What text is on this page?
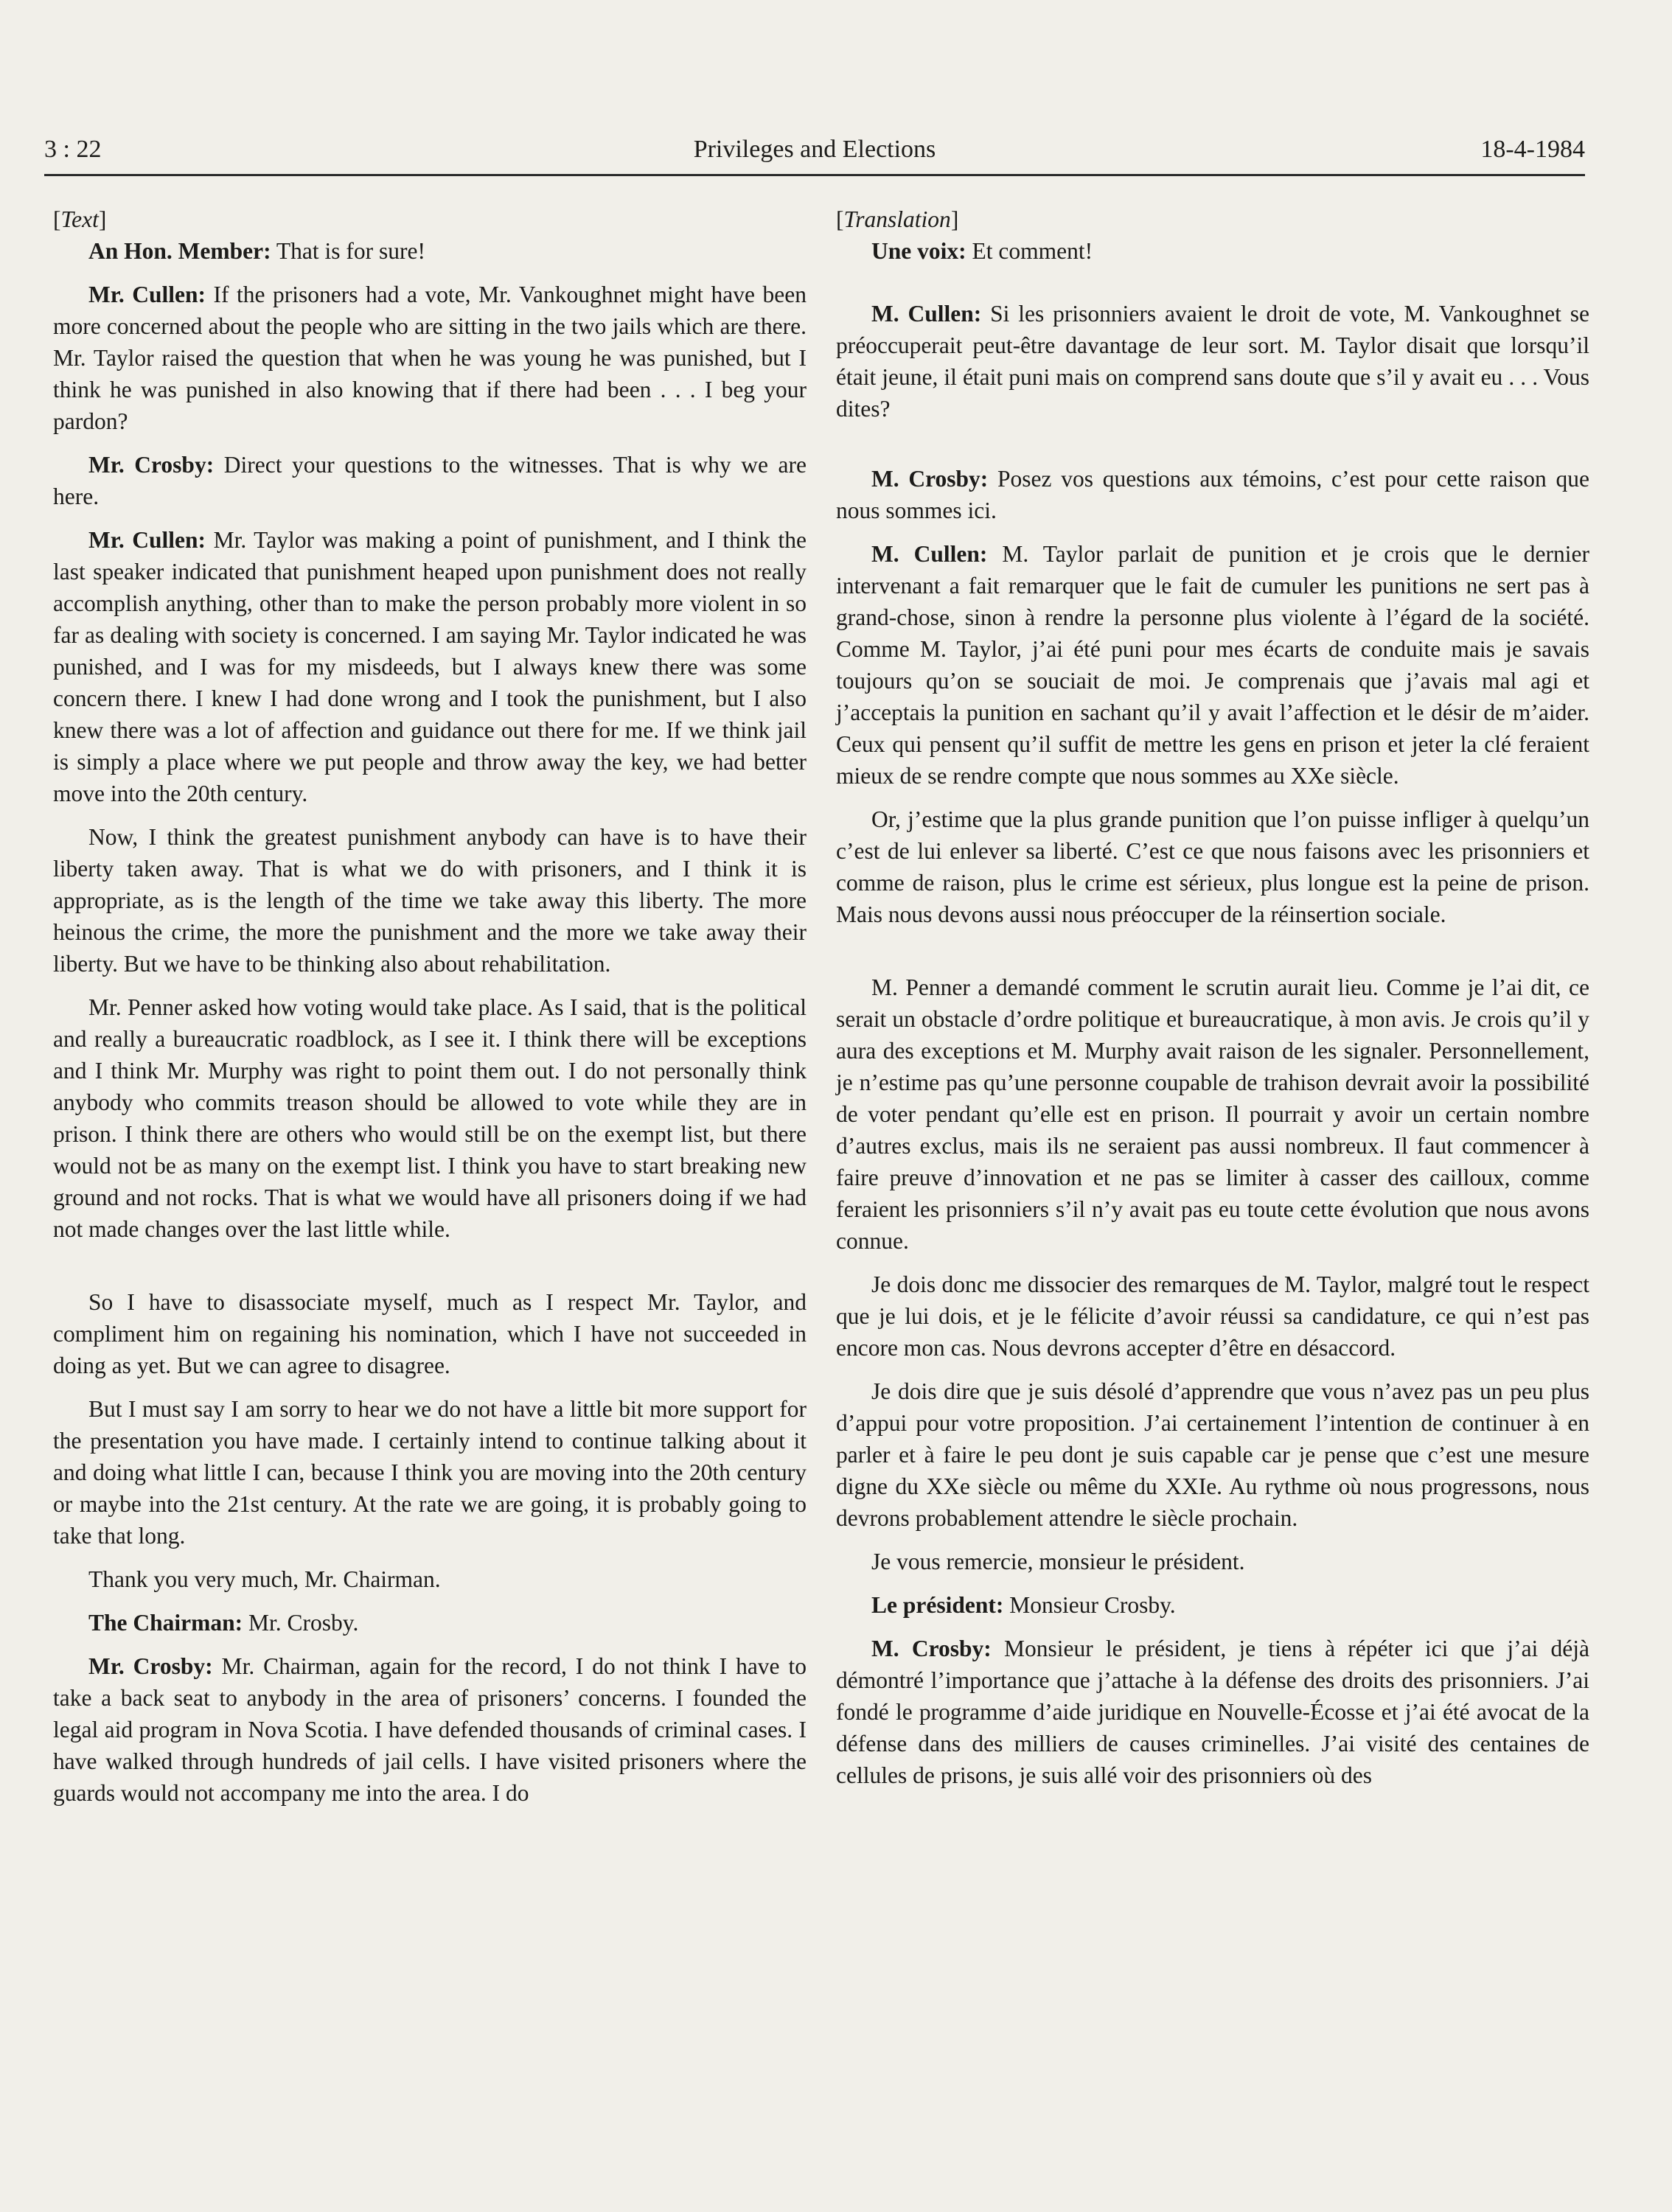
3 : 22	Privileges and Elections	18-4-1984

[Text]

An Hon. Member: That is for sure!

Mr. Cullen: If the prisoners had a vote, Mr. Vankoughnet might have been more concerned about the people who are sitting in the two jails which are there. Mr. Taylor raised the question that when he was young he was punished, but I think he was punished in also knowing that if there had been . . . I beg your pardon?

Mr. Crosby: Direct your questions to the witnesses. That is why we are here.

Mr. Cullen: Mr. Taylor was making a point of punishment, and I think the last speaker indicated that punishment heaped upon punishment does not really accomplish anything, other than to make the person probably more violent in so far as dealing with society is concerned. I am saying Mr. Taylor indicated he was punished, and I was for my misdeeds, but I always knew there was some concern there. I knew I had done wrong and I took the punishment, but I also knew there was a lot of affection and guidance out there for me. If we think jail is simply a place where we put people and throw away the key, we had better move into the 20th century.

Now, I think the greatest punishment anybody can have is to have their liberty taken away. That is what we do with prisoners, and I think it is appropriate, as is the length of the time we take away this liberty. The more heinous the crime, the more the punishment and the more we take away their liberty. But we have to be thinking also about rehabilitation.

Mr. Penner asked how voting would take place. As I said, that is the political and really a bureaucratic roadblock, as I see it. I think there will be exceptions and I think Mr. Murphy was right to point them out. I do not personally think anybody who commits treason should be allowed to vote while they are in prison. I think there are others who would still be on the exempt list, but there would not be as many on the exempt list. I think you have to start breaking new ground and not rocks. That is what we would have all prisoners doing if we had not made changes over the last little while.

So I have to disassociate myself, much as I respect Mr. Taylor, and compliment him on regaining his nomination, which I have not succeeded in doing as yet. But we can agree to disagree.

But I must say I am sorry to hear we do not have a little bit more support for the presentation you have made. I certainly intend to continue talking about it and doing what little I can, because I think you are moving into the 20th century or maybe into the 21st century. At the rate we are going, it is probably going to take that long.

Thank you very much, Mr. Chairman.

The Chairman: Mr. Crosby.

Mr. Crosby: Mr. Chairman, again for the record, I do not think I have to take a back seat to anybody in the area of prisoners’ concerns. I founded the legal aid program in Nova Scotia. I have defended thousands of criminal cases. I have walked through hundreds of jail cells. I have visited prisoners where the guards would not accompany me into the area. I do

[Translation]

Une voix: Et comment!

M. Cullen: Si les prisonniers avaient le droit de vote, M. Vankoughnet se préoccuperait peut-être davantage de leur sort. M. Taylor disait que lorsqu’il était jeune, il était puni mais on comprend sans doute que s’il y avait eu . . . Vous dites?

M. Crosby: Posez vos questions aux témoins, c’est pour cette raison que nous sommes ici.

M. Cullen: M. Taylor parlait de punition et je crois que le dernier intervenant a fait remarquer que le fait de cumuler les punitions ne sert pas à grand-chose, sinon à rendre la personne plus violente à l’égard de la société. Comme M. Taylor, j’ai été puni pour mes écarts de conduite mais je savais toujours qu’on se souciait de moi. Je comprenais que j’avais mal agi et j’acceptais la punition en sachant qu’il y avait l’affection et le désir de m’aider. Ceux qui pensent qu’il suffit de mettre les gens en prison et jeter la clé feraient mieux de se rendre compte que nous sommes au XXe siècle.

Or, j’estime que la plus grande punition que l’on puisse infliger à quelqu’un c’est de lui enlever sa liberté. C’est ce que nous faisons avec les prisonniers et comme de raison, plus le crime est sérieux, plus longue est la peine de prison. Mais nous devons aussi nous préoccuper de la réinsertion sociale.

M. Penner a demandé comment le scrutin aurait lieu. Comme je l’ai dit, ce serait un obstacle d’ordre politique et bureaucratique, à mon avis. Je crois qu’il y aura des exceptions et M. Murphy avait raison de les signaler. Personnellement, je n’estime pas qu’une personne coupable de trahison devrait avoir la possibilité de voter pendant qu’elle est en prison. Il pourrait y avoir un certain nombre d’autres exclus, mais ils ne seraient pas aussi nombreux. Il faut commencer à faire preuve d’innovation et ne pas se limiter à casser des cailloux, comme feraient les prisonniers s’il n’y avait pas eu toute cette évolution que nous avons connue.

Je dois donc me dissocier des remarques de M. Taylor, malgré tout le respect que je lui dois, et je le félicite d’avoir réussi sa candidature, ce qui n’est pas encore mon cas. Nous devrons accepter d’être en désaccord.

Je dois dire que je suis désolé d’apprendre que vous n’avez pas un peu plus d’appui pour votre proposition. J’ai certainement l’intention de continuer à en parler et à faire le peu dont je suis capable car je pense que c’est une mesure digne du XXe siècle ou même du XXIe. Au rythme où nous progressons, nous devrons probablement attendre le siècle prochain.

Je vous remercie, monsieur le président.

Le président: Monsieur Crosby.

M. Crosby: Monsieur le président, je tiens à répéter ici que j’ai déjà démontré l’importance que j’attache à la défense des droits des prisonniers. J’ai fondé le programme d’aide juridique en Nouvelle-Écosse et j’ai été avocat de la défense dans des milliers de causes criminelles. J’ai visité des centaines de cellules de prisons, je suis allé voir des prisonniers où des
